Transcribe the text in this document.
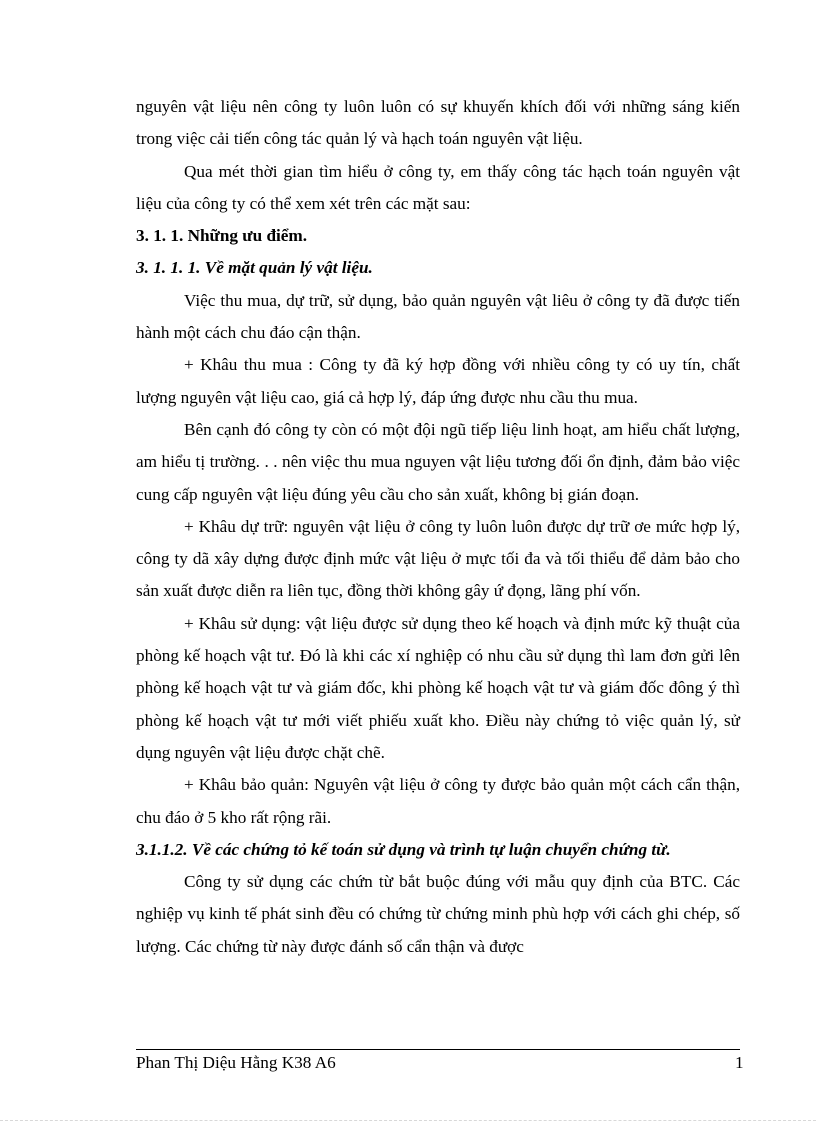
nguyên vật liệu nên công ty luôn luôn có sự khuyến khích đối với những sáng kiến trong việc cải tiến công tác quản lý và hạch toán nguyên vật liệu.

Qua mét thời gian tìm hiểu ở công ty, em thấy công tác hạch toán nguyên vật liệu của công ty có thể xem xét trên các mặt sau:

3. 1. 1. Những ưu điểm.

3. 1. 1. 1. Về mặt quản lý vật liệu.

Việc thu mua, dự trữ, sử dụng, bảo quản nguyên vật liêu ở công ty đã được tiến hành một cách chu đáo cận thận.

+ Khâu thu mua : Công ty đã ký hợp đồng với nhiều công ty có uy tín, chất lượng nguyên vật liệu cao, giá cả hợp lý, đáp ứng được nhu cầu thu mua.

Bên cạnh đó công ty còn có một đội ngũ tiếp liệu linh hoạt, am hiểu chất lượng, am hiểu tị trường. . . nên việc thu mua nguyen vật liệu tương đối ổn định, đảm bảo việc cung cấp nguyên vật liệu đúng yêu cầu cho sản xuất, không bị gián đoạn.

+ Khâu dự trữ: nguyên vật liệu ở công ty luôn luôn được dự trữ ơe mức hợp lý, công ty dã xây dựng được định mức vật liệu ở mực tối đa và tối thiểu để dảm bảo cho sản xuất được diễn ra liên tục, đồng thời không gây ứ đọng, lãng phí vốn.

+ Khâu sử dụng: vật liệu được sử dụng theo kế hoạch và định mức kỹ thuật của phòng kế hoạch vật tư. Đó là khi các xí nghiệp có nhu cầu sử dụng thì lam đơn gửi lên phòng kế hoạch vật tư và giám đốc, khi phòng kế hoạch vật tư và giám đốc đông ý thì phòng kế hoạch vật tư mới viết phiếu xuất kho. Điều này chứng tỏ việc quản lý, sử dụng nguyên vật liệu được chặt chẽ.

+ Khâu bảo quản: Nguyên vật liệu ở công ty được bảo quản một cách cẩn thận, chu đáo ở 5 kho rất rộng rãi.

3.1.1.2. Về các chứng tỏ kế toán sử dụng và trình tự luận chuyển chứng từ.

Công ty sử dụng các chứn từ bắt buộc đúng với mẫu quy định của BTC. Các nghiệp vụ kinh tế phát sinh đều có chứng từ chứng minh phù hợp với cách ghi chép, số lượng. Các chứng từ này được đánh số cẩn thận và được

Phan Thị Diệu Hằng K38 A6	1
